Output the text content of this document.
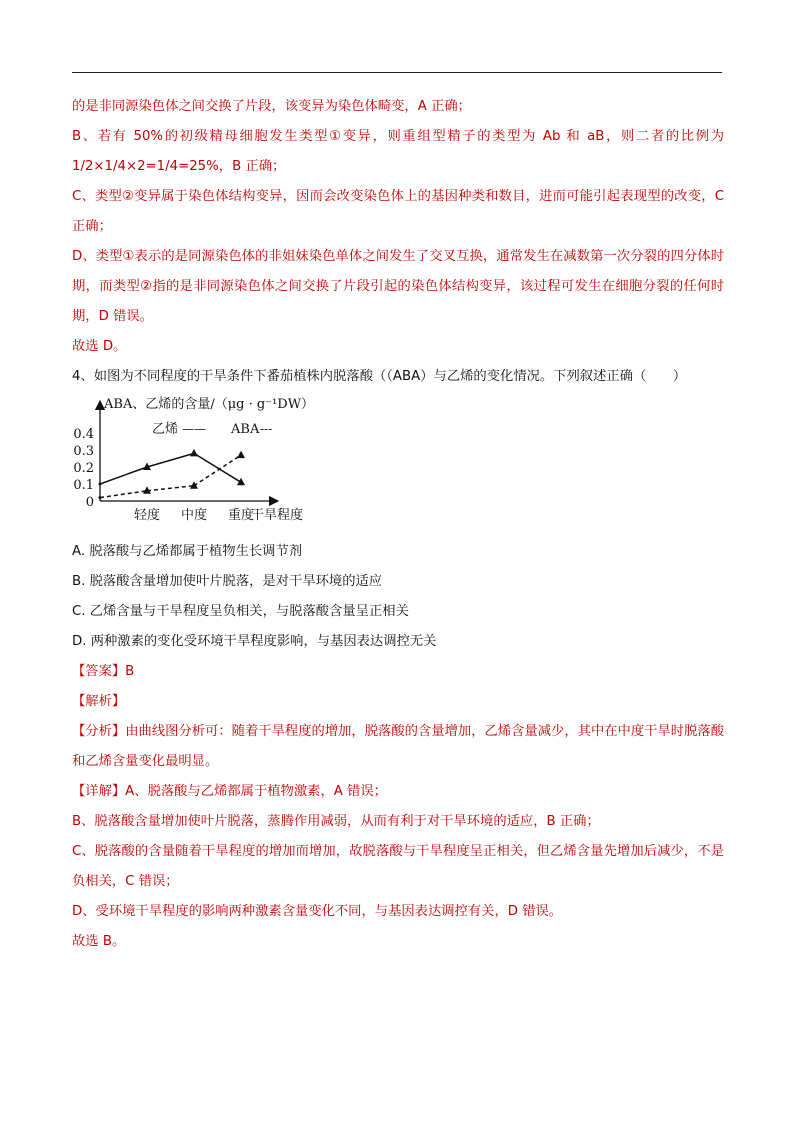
的是非同源染色体之间交换了片段，该变异为染色体畸变，A 正确；

B、若有 50%的初级精母细胞发生类型①变异，则重组型精子的类型为 Ab 和 aB，则二者的比例为 1/2×1/4×2=1/4=25%，B 正确；

C、类型②变异属于染色体结构变异，因而会改变染色体上的基因种类和数目，进而可能引起表现型的改变，C 正确；

D、类型①表示的是同源染色体的非姐妹染色单体之间发生了交叉互换，通常发生在减数第一次分裂的四分体时期，而类型②指的是非同源染色体之间交换了片段引起的染色体结构变异，该过程可发生在细胞分裂的任何时期，D 错误。

故选 D。

4、如图为不同程度的干旱条件下番茄植株内脱落酸（（ABA）与乙烯的变化情况。下列叙述正确（　　）

ABA、乙烯的含量/（μg · g⁻¹DW）
乙烯 —— ABA ---
0
0.1
0.2
0.3
0.4
轻度 中度 重度
干旱程度

A. 脱落酸与乙烯都属于植物生长调节剂

B. 脱落酸含量增加使叶片脱落，是对干旱环境的适应

C. 乙烯含量与干旱程度呈负相关，与脱落酸含量呈正相关

D. 两种激素的变化受环境干旱程度影响，与基因表达调控无关

【答案】B

【解析】

【分析】由曲线图分析可：随着干旱程度的增加，脱落酸的含量增加，乙烯含量减少，其中在中度干旱时脱落酸和乙烯含量变化最明显。

【详解】A、脱落酸与乙烯都属于植物激素，A 错误；

B、脱落酸含量增加使叶片脱落，蒸腾作用减弱，从而有利于对干旱环境的适应，B 正确；

C、脱落酸的含量随着干旱程度的增加而增加，故脱落酸与干旱程度呈正相关，但乙烯含量先增加后减少，不是负相关，C 错误；

D、受环境干旱程度的影响两种激素含量变化不同，与基因表达调控有关，D 错误。

故选 B。
